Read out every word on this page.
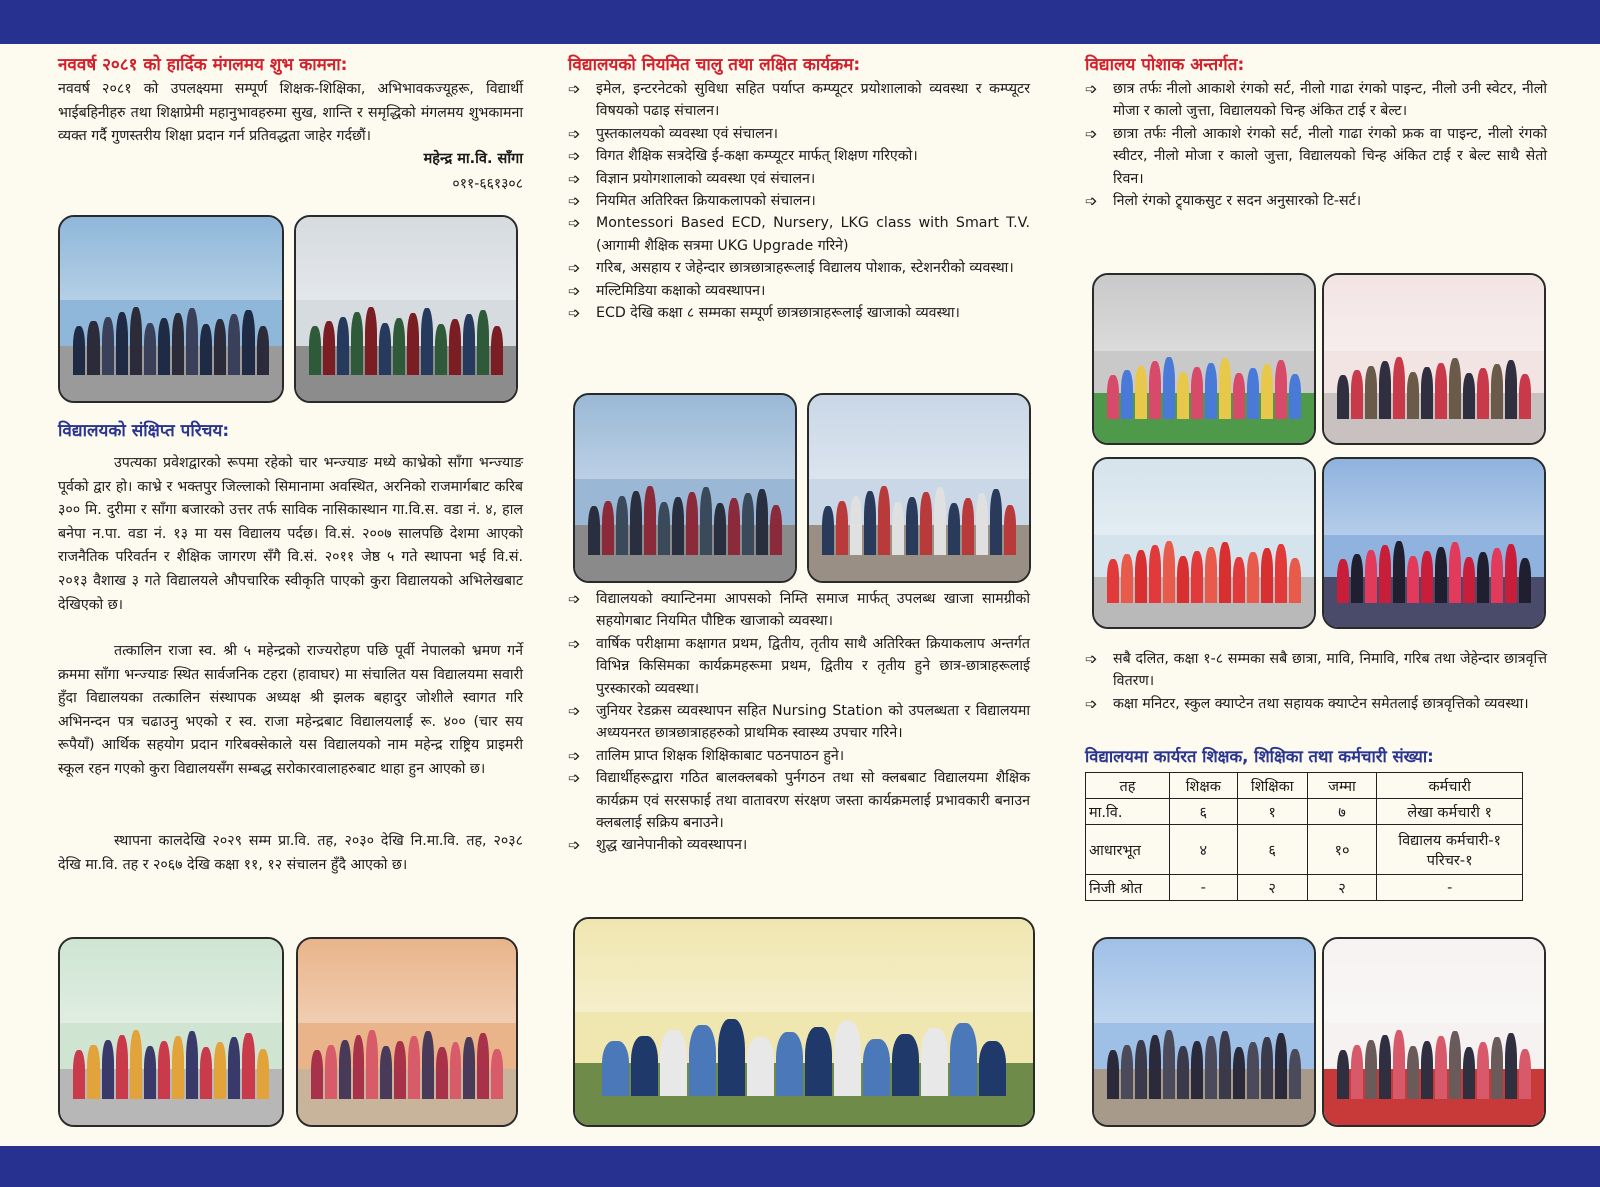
नववर्ष २०८१ को हार्दिक मंगलमय शुभ कामना:

नववर्ष २०८१ को उपलक्ष्यमा सम्पूर्ण शिक्षक-शिक्षिका, अभिभावकज्यूहरू, विद्यार्थी भाईबहिनीहरु तथा शिक्षाप्रेमी महानुभावहरुमा सुख, शान्ति र समृद्धिको मंगलमय शुभकामना व्यक्त गर्दै गुणस्तरीय शिक्षा प्रदान गर्न प्रतिवद्धता जाहेर गर्दछौं।

महेन्द्र मा.वि. साँगा
०११-६६१३०८
विद्यालयको संक्षिप्त परिचय:

उपत्यका प्रवेशद्वारको रूपमा रहेको चार भन्ज्याङ मध्ये काभ्रेको साँगा भन्ज्याङ पूर्वको द्वार हो। काभ्रे र भक्तपुर जिल्लाको सिमानामा अवस्थित, अरनिको राजमार्गबाट करिब ३०० मि. दुरीमा र साँगा बजारको उत्तर तर्फ साविक नासिकास्थान गा.वि.स. वडा नं. ४, हाल बनेपा न.पा. वडा नं. १३ मा यस विद्यालय पर्दछ। वि.सं. २००७ सालपछि देशमा आएको राजनैतिक परिवर्तन र शैक्षिक जागरण सँगै वि.सं. २०११ जेष्ठ ५ गते स्थापना भई वि.सं. २०१३ वैशाख ३ गते विद्यालयले औपचारिक स्वीकृति पाएको कुरा विद्यालयको अभिलेखबाट देखिएको छ।

तत्कालिन राजा स्व. श्री ५ महेन्द्रको राज्यरोहण पछि पूर्वी नेपालको भ्रमण गर्ने क्रममा साँगा भन्ज्याङ स्थित सार्वजनिक टहरा (हावाघर) मा संचालित यस विद्यालयमा सवारी हुँदा विद्यालयका तत्कालिन संस्थापक अध्यक्ष श्री झलक बहादुर जोशीले स्वागत गरि अभिनन्दन पत्र चढाउनु भएको र स्व. राजा महेन्द्रबाट विद्यालयलाई रू. ४०० (चार सय रूपैयाँ) आर्थिक सहयोग प्रदान गरिबक्सेकाले यस विद्यालयको नाम महेन्द्र राष्ट्रिय प्राइमरी स्कूल रहन गएको कुरा विद्यालयसँग सम्बद्ध सरोकारवालाहरुबाट थाहा हुन आएको छ।

स्थापना कालदेखि २०२९ सम्म प्रा.वि. तह, २०३० देखि नि.मा.वि. तह, २०३८ देखि मा.वि. तह र २०६७ देखि कक्षा ११, १२ संचालन हुँदै आएको छ।

विद्यालयको नियमित चालु तथा लक्षित कार्यक्रम:
➩ इमेल, इन्टरनेटको सुविधा सहित पर्याप्त कम्प्यूटर प्रयोशालाको व्यवस्था र कम्प्यूटर विषयको पढाइ संचालन।
➩ पुस्तकालयको व्यवस्था एवं संचालन।
➩ विगत शैक्षिक सत्रदेखि ई-कक्षा कम्प्यूटर मार्फत् शिक्षण गरिएको।
➩ विज्ञान प्रयोगशालाको व्यवस्था एवं संचालन।
➩ नियमित अतिरिक्त क्रियाकलापको संचालन।
➩ Montessori Based ECD, Nursery, LKG class with Smart T.V. (आगामी शैक्षिक सत्रमा UKG Upgrade गरिने)
➩ गरिब, असहाय र जेहेन्दार छात्रछात्राहरूलाई विद्यालय पोशाक, स्टेशनरीको व्यवस्था।
➩ मल्टिमिडिया कक्षाको व्यवस्थापन।
➩ ECD देखि कक्षा ८ सम्मका सम्पूर्ण छात्रछात्राहरूलाई खाजाको व्यवस्था।
➩ विद्यालयको क्यान्टिनमा आपसको निम्ति समाज मार्फत् उपलब्ध खाजा सामग्रीको सहयोगबाट नियमित पौष्टिक खाजाको व्यवस्था।
➩ वार्षिक परीक्षामा कक्षागत प्रथम, द्वितीय, तृतीय साथै अतिरिक्त क्रियाकलाप अन्तर्गत विभिन्न किसिमका कार्यक्रमहरूमा प्रथम, द्वितीय र तृतीय हुने छात्र-छात्राहरूलाई पुरस्कारको व्यवस्था।
➩ जुनियर रेडक्रस व्यवस्थापन सहित Nursing Station को उपलब्धता र विद्यालयमा अध्ययनरत छात्रछात्राहहरुको प्राथमिक स्वास्थ्य उपचार गरिने।
➩ तालिम प्राप्त शिक्षक शिक्षिकाबाट पठनपाठन हुने।
➩ विद्यार्थीहरूद्वारा गठित बालक्लबको पुर्नगठन तथा सो क्लबबाट विद्यालयमा शैक्षिक कार्यक्रम एवं सरसफाई तथा वातावरण संरक्षण जस्ता कार्यक्रमलाई प्रभावकारी बनाउन क्लबलाई सक्रिय बनाउने।
➩ शुद्ध खानेपानीको व्यवस्थापन।
विद्यालय पोशाक अन्तर्गत:
➩ छात्र तर्फः नीलो आकाशे रंगको सर्ट, नीलो गाढा रंगको पाइन्ट, नीलो उनी स्वेटर, नीलो मोजा र कालो जुत्ता, विद्यालयको चिन्ह अंकित टाई र बेल्ट।
➩ छात्रा तर्फः नीलो आकाशे रंगको सर्ट, नीलो गाढा रंगको फ्रक वा पाइन्ट, नीलो रंगको स्वीटर, नीलो मोजा र कालो जुत्ता, विद्यालयको चिन्ह अंकित टाई र बेल्ट साथै सेतो रिवन।
➩ निलो रंगको ट्र्याकसुट र सदन अनुसारको टि-सर्ट।
➩ सबै दलित, कक्षा १-८ सम्मका सबै छात्रा, मावि, निमावि, गरिब तथा जेहेन्दार छात्रवृत्ति वितरण।
➩ कक्षा मनिटर, स्कुल क्याप्टेन तथा सहायक क्याप्टेन समेतलाई छात्रवृत्तिको व्यवस्था।
विद्यालयमा कार्यरत शिक्षक, शिक्षिका तथा कर्मचारी संख्या:
तह	शिक्षक	शिक्षिका	जम्मा	कर्मचारी
मा.वि.	६	१	७	लेखा कर्मचारी १
आधारभूत	४	६	१०	विद्यालय कर्मचारी-१ परिचर-१
निजी श्रोत	-	२	२	-
